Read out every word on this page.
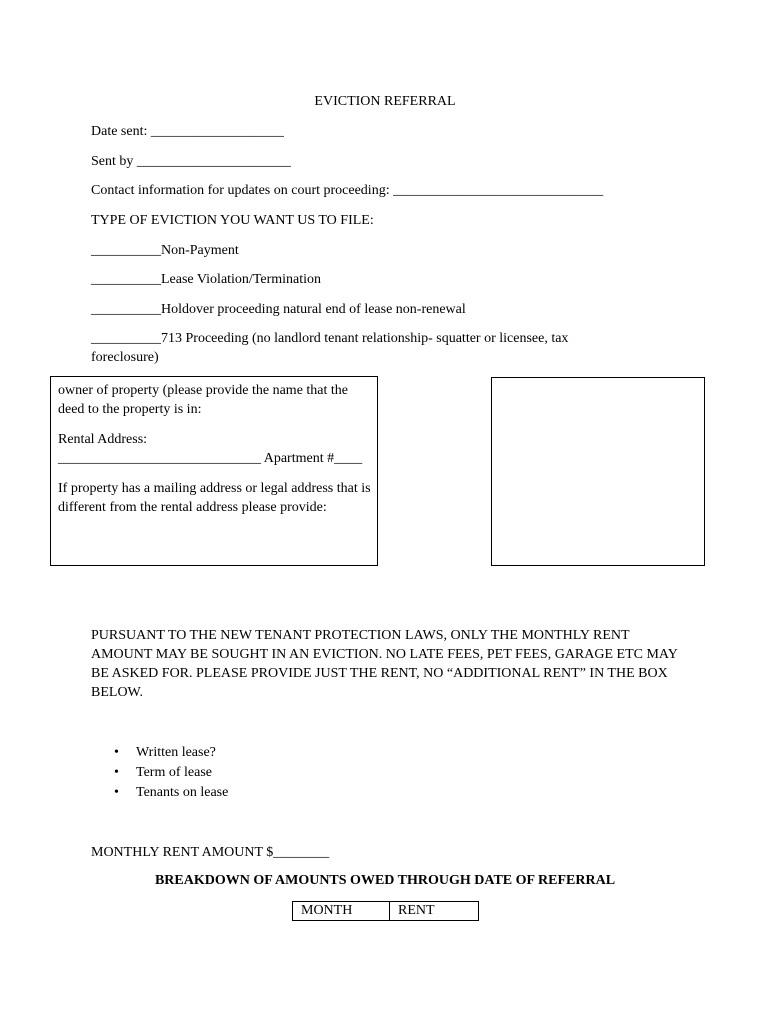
EVICTION REFERRAL
Date sent: ___________________
Sent by ______________________
Contact information for updates on court proceeding: ______________________________
TYPE OF EVICTION YOU WANT US TO FILE:
__________Non-Payment
__________Lease Violation/Termination
__________Holdover proceeding natural end of lease non-renewal
__________713 Proceeding (no landlord tenant relationship- squatter or licensee, tax
foreclosure)

owner of property (please provide the name that the deed to the property is in:

Rental Address:
_____________________________ Apartment #____

If property has a mailing address or legal address that is different from the rental address please provide:

PURSUANT TO THE NEW TENANT PROTECTION LAWS, ONLY THE MONTHLY RENT AMOUNT MAY BE SOUGHT IN AN EVICTION. NO LATE FEES, PET FEES, GARAGE ETC MAY BE ASKED FOR. PLEASE PROVIDE JUST THE RENT, NO “ADDITIONAL RENT” IN THE BOX BELOW.
• Written lease?
• Term of lease
• Tenants on lease
MONTHLY RENT AMOUNT $________
BREAKDOWN OF AMOUNTS OWED THROUGH DATE OF REFERRAL
MONTH	RENT
